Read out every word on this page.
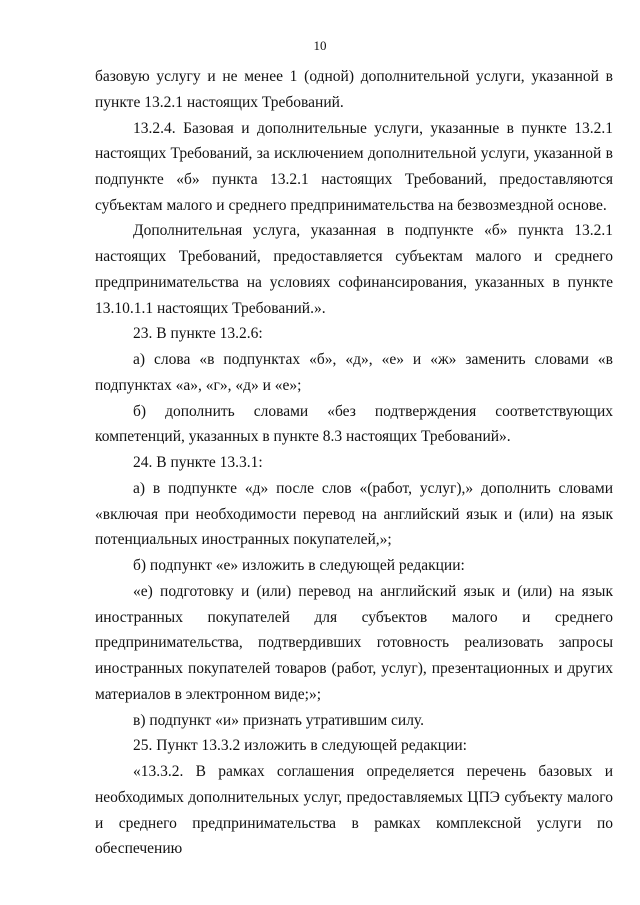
10

базовую услугу и не менее 1 (одной) дополнительной услуги, указанной в пункте 13.2.1 настоящих Требований.

13.2.4. Базовая и дополнительные услуги, указанные в пункте 13.2.1 настоящих Требований, за исключением дополнительной услуги, указанной в подпункте «б» пункта 13.2.1 настоящих Требований, предоставляются субъектам малого и среднего предпринимательства на безвозмездной основе.

Дополнительная услуга, указанная в подпункте «б» пункта 13.2.1 настоящих Требований, предоставляется субъектам малого и среднего предпринимательства на условиях софинансирования, указанных в пункте 13.10.1.1 настоящих Требований.».

23. В пункте 13.2.6:

а) слова «в подпунктах «б», «д», «е» и «ж» заменить словами «в подпунктах «а», «г», «д» и «е»;

б) дополнить словами «без подтверждения соответствующих компетенций, указанных в пункте 8.3 настоящих Требований».

24. В пункте 13.3.1:

а) в подпункте «д» после слов «(работ, услуг),» дополнить словами «включая при необходимости перевод на английский язык и (или) на язык потенциальных иностранных покупателей,»;

б) подпункт «е» изложить в следующей редакции:

«е) подготовку и (или) перевод на английский язык и (или) на язык иностранных покупателей для субъектов малого и среднего предпринимательства, подтвердивших готовность реализовать запросы иностранных покупателей товаров (работ, услуг), презентационных и других материалов в электронном виде;»;

в) подпункт «и» признать утратившим силу.

25. Пункт 13.3.2 изложить в следующей редакции:

«13.3.2. В рамках соглашения определяется перечень базовых и необходимых дополнительных услуг, предоставляемых ЦПЭ субъекту малого и среднего предпринимательства в рамках комплексной услуги по обеспечению
